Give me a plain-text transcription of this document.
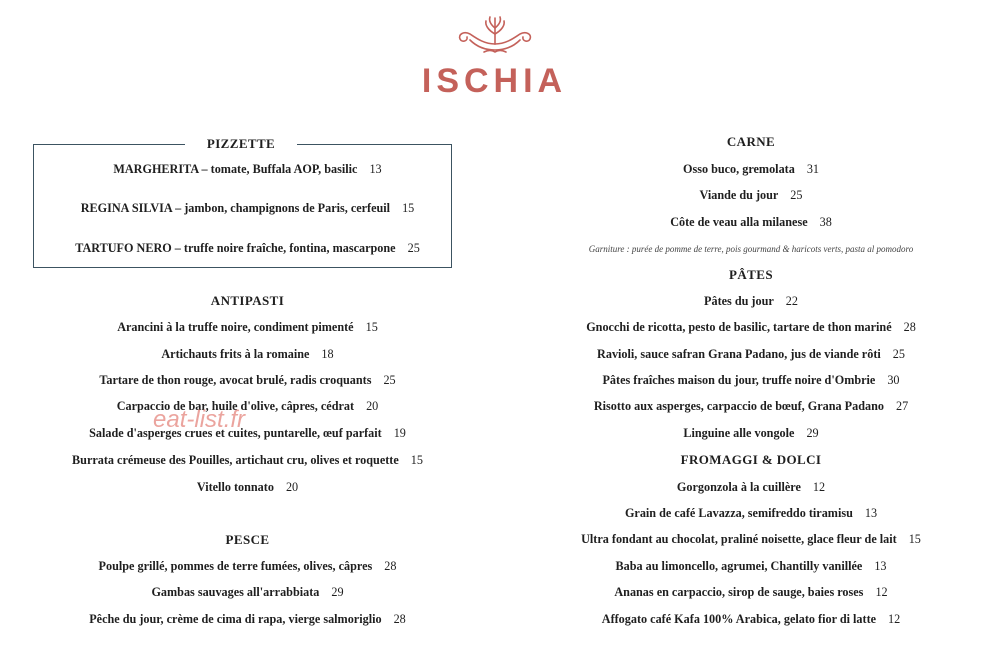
ISCHIA
PIZZETTE
MARGHERITA – tomate, Buffala AOP, basilic 13
REGINA SILVIA – jambon, champignons de Paris, cerfeuil 15
TARTUFO NERO – truffe noire fraîche, fontina, mascarpone 25
ANTIPASTI
Arancini à la truffe noire, condiment pimenté 15
Artichauts frits à la romaine 18
Tartare de thon rouge, avocat brulé, radis croquants 25
Carpaccio de bar, huile d'olive, câpres, cédrat 20
Salade d'asperges crues et cuites, puntarelle, œuf parfait 19
Burrata crémeuse des Pouilles, artichaut cru, olives et roquette 15
Vitello tonnato 20
PESCE
Poulpe grillé, pommes de terre fumées, olives, câpres 28
Gambas sauvages all'arrabbiata 29
Pêche du jour, crème de cima di rapa, vierge salmoriglio 28
eat-list.fr
CARNE
Osso buco, gremolata 31
Viande du jour 25
Côte de veau alla milanese 38
Garniture : purée de pomme de terre, pois gourmand & haricots verts, pasta al pomodoro
PÂTES
Pâtes du jour 22
Gnocchi de ricotta, pesto de basilic, tartare de thon mariné 28
Ravioli, sauce safran Grana Padano, jus de viande rôti 25
Pâtes fraîches maison du jour, truffe noire d'Ombrie 30
Risotto aux asperges, carpaccio de bœuf, Grana Padano 27
Linguine alle vongole 29
FROMAGGI & DOLCI
Gorgonzola à la cuillère 12
Grain de café Lavazza, semifreddo tiramisu 13
Ultra fondant au chocolat, praliné noisette, glace fleur de lait 15
Baba au limoncello, agrumei, Chantilly vanillée 13
Ananas en carpaccio, sirop de sauge, baies roses 12
Affogato café Kafa 100% Arabica, gelato fior di latte 12
